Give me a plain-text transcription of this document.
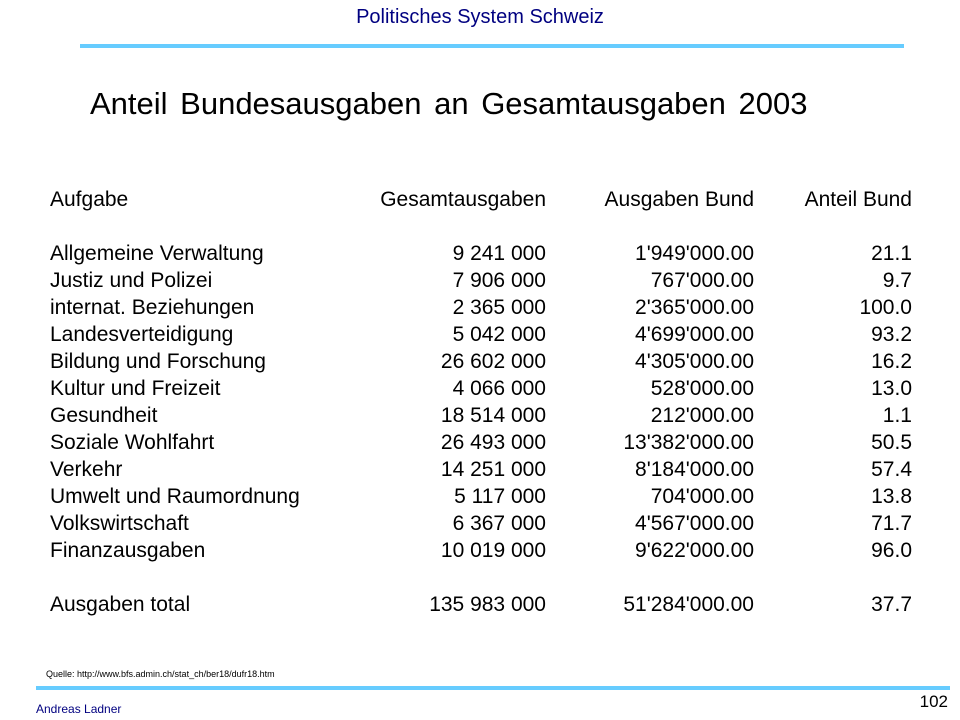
Politisches System Schweiz
Anteil Bundesausgaben an Gesamtausgaben 2003
Aufgabe	Gesamtausgaben	Ausgaben Bund	Anteil Bund

Allgemeine Verwaltung	9 241 000	1'949'000.00	21.1
Justiz und Polizei	7 906 000	767'000.00	9.7
internat. Beziehungen	2 365 000	2'365'000.00	100.0
Landesverteidigung	5 042 000	4'699'000.00	93.2
Bildung und Forschung	26 602 000	4'305'000.00	16.2
Kultur und Freizeit	4 066 000	528'000.00	13.0
Gesundheit	18 514 000	212'000.00	1.1
Soziale Wohlfahrt	26 493 000	13'382'000.00	50.5
Verkehr	14 251 000	8'184'000.00	57.4
Umwelt und Raumordnung	5 117 000	704'000.00	13.8
Volkswirtschaft	6 367 000	4'567'000.00	71.7
Finanzausgaben	10 019 000	9'622'000.00	96.0

Ausgaben total	135 983 000	51'284'000.00	37.7
Quelle: http://www.bfs.admin.ch/stat_ch/ber18/dufr18.htm
Andreas Ladner	102
